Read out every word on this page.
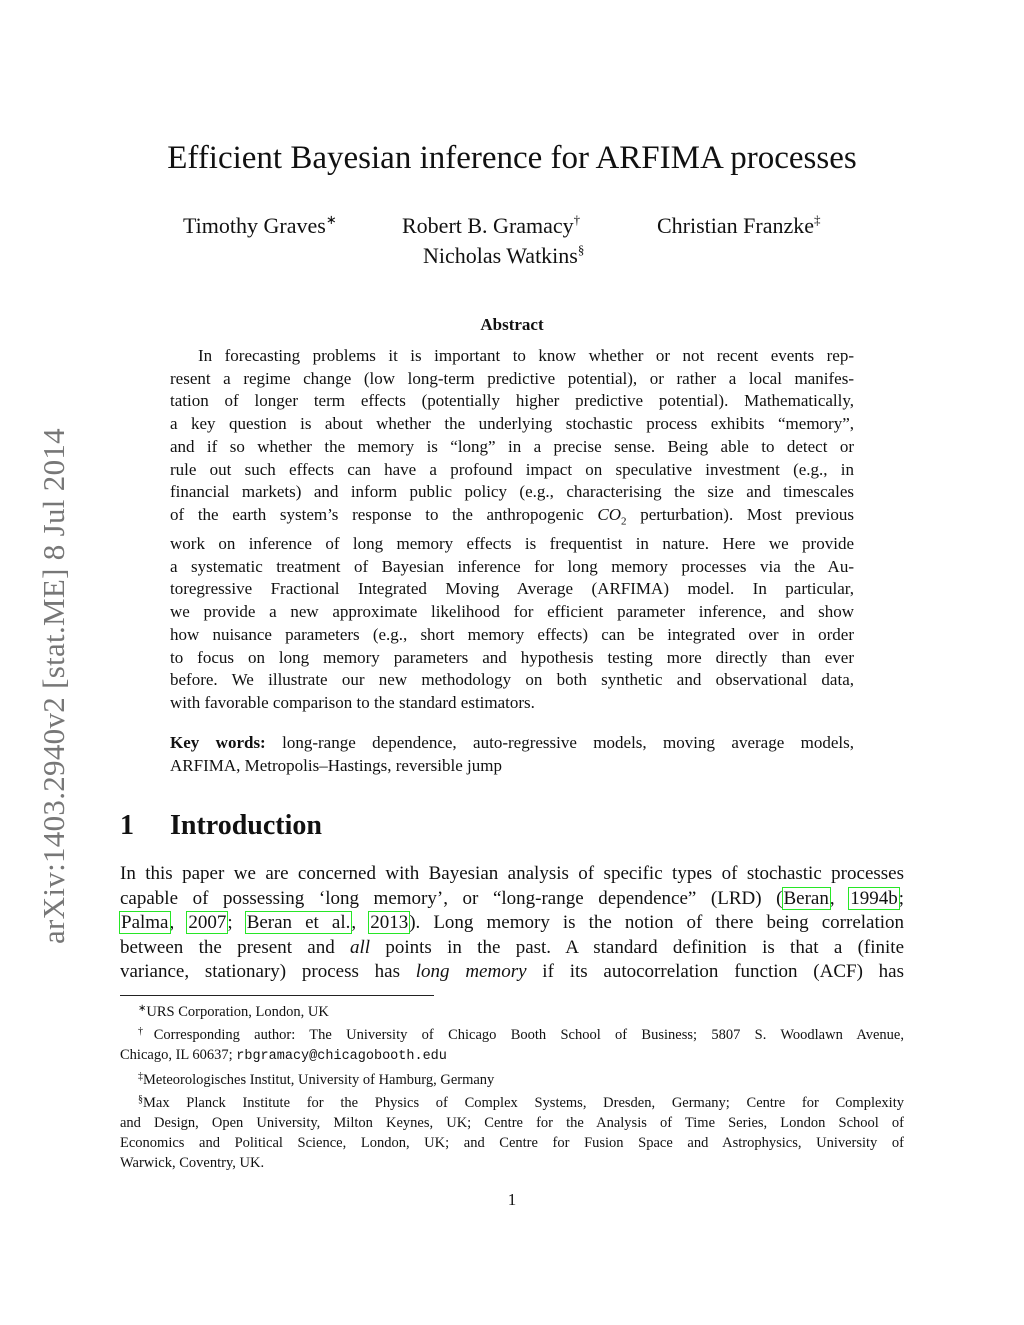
arXiv:1403.2940v2 [stat.ME] 8 Jul 2014
Efficient Bayesian inference for ARFIMA processes
Timothy Graves∗	Robert B. Gramacy†	Christian Franzke‡
Nicholas Watkins§
Abstract
In forecasting problems it is important to know whether or not recent events rep-
resent a regime change (low long-term predictive potential), or rather a local manifes-
tation of longer term effects (potentially higher predictive potential). Mathematically,
a key question is about whether the underlying stochastic process exhibits “memory”,
and if so whether the memory is “long” in a precise sense. Being able to detect or
rule out such effects can have a profound impact on speculative investment (e.g., in
financial markets) and inform public policy (e.g., characterising the size and timescales
of the earth system’s response to the anthropogenic $CO_2$ perturbation). Most previous
work on inference of long memory effects is frequentist in nature. Here we provide
a systematic treatment of Bayesian inference for long memory processes via the Au-
toregressive Fractional Integrated Moving Average (ARFIMA) model. In particular,
we provide a new approximate likelihood for efficient parameter inference, and show
how nuisance parameters (e.g., short memory effects) can be integrated over in order
to focus on long memory parameters and hypothesis testing more directly than ever
before. We illustrate our new methodology on both synthetic and observational data,
with favorable comparison to the standard estimators.
Key words: long-range dependence, auto-regressive models, moving average models,
ARFIMA, Metropolis–Hastings, reversible jump
1 Introduction
In this paper we are concerned with Bayesian analysis of specific types of stochastic processes
capable of possessing ‘long memory’, or “long-range dependence” (LRD) (Beran, 1994b;
Palma, 2007; Beran et al., 2013). Long memory is the notion of there being correlation
between the present and all points in the past. A standard definition is that a (finite
variance, stationary) process has long memory if its autocorrelation function (ACF) has
∗URS Corporation, London, UK
†Corresponding author: The University of Chicago Booth School of Business; 5807 S. Woodlawn Avenue,
Chicago, IL 60637; rbgramacy@chicagobooth.edu
‡Meteorologisches Institut, University of Hamburg, Germany
§Max Planck Institute for the Physics of Complex Systems, Dresden, Germany; Centre for Complexity
and Design, Open University, Milton Keynes, UK; Centre for the Analysis of Time Series, London School of
Economics and Political Science, London, UK; and Centre for Fusion Space and Astrophysics, University of
Warwick, Coventry, UK.
1
